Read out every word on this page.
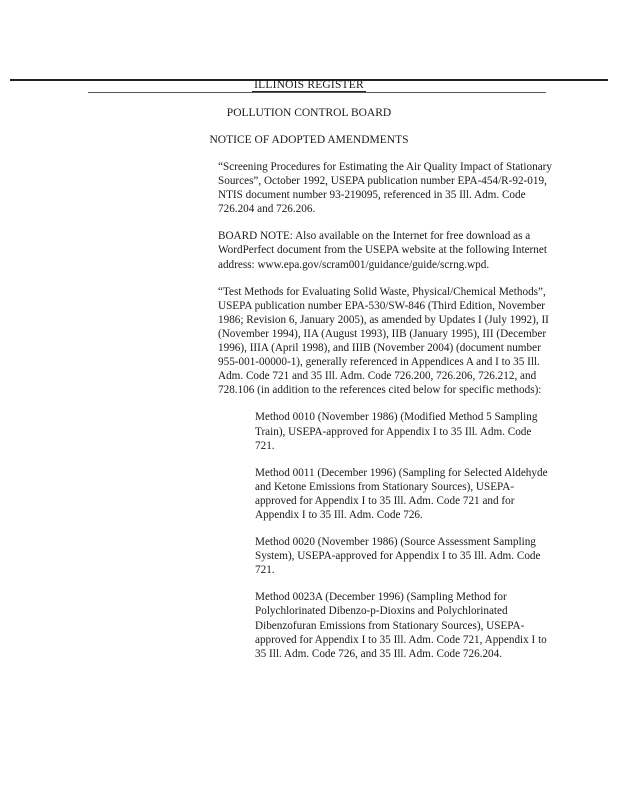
ILLINOIS REGISTER
POLLUTION CONTROL BOARD
NOTICE OF ADOPTED AMENDMENTS

“Screening Procedures for Estimating the Air Quality Impact of Stationary Sources”, October 1992, USEPA publication number EPA-454/R-92-019, NTIS document number 93-219095, referenced in 35 Ill. Adm. Code 726.204 and 726.206.

BOARD NOTE: Also available on the Internet for free download as a WordPerfect document from the USEPA website at the following Internet address: www.epa.gov/scram001/guidance/guide/scrng.wpd.

“Test Methods for Evaluating Solid Waste, Physical/Chemical Methods”, USEPA publication number EPA-530/SW-846 (Third Edition, November 1986; Revision 6, January 2005), as amended by Updates I (July 1992), II (November 1994), IIA (August 1993), IIB (January 1995), III (December 1996), IIIA (April 1998), and IIIB (November 2004) (document number 955-001-00000-1), generally referenced in Appendices A and I to 35 Ill. Adm. Code 721 and 35 Ill. Adm. Code 726.200, 726.206, 726.212, and 728.106 (in addition to the references cited below for specific methods):

Method 0010 (November 1986) (Modified Method 5 Sampling Train), USEPA-approved for Appendix I to 35 Ill. Adm. Code 721.

Method 0011 (December 1996) (Sampling for Selected Aldehyde and Ketone Emissions from Stationary Sources), USEPA-approved for Appendix I to 35 Ill. Adm. Code 721 and for Appendix I to 35 Ill. Adm. Code 726.

Method 0020 (November 1986) (Source Assessment Sampling System), USEPA-approved for Appendix I to 35 Ill. Adm. Code 721.

Method 0023A (December 1996) (Sampling Method for Polychlorinated Dibenzo-p-Dioxins and Polychlorinated Dibenzofuran Emissions from Stationary Sources), USEPA-approved for Appendix I to 35 Ill. Adm. Code 721, Appendix I to 35 Ill. Adm. Code 726, and 35 Ill. Adm. Code 726.204.
